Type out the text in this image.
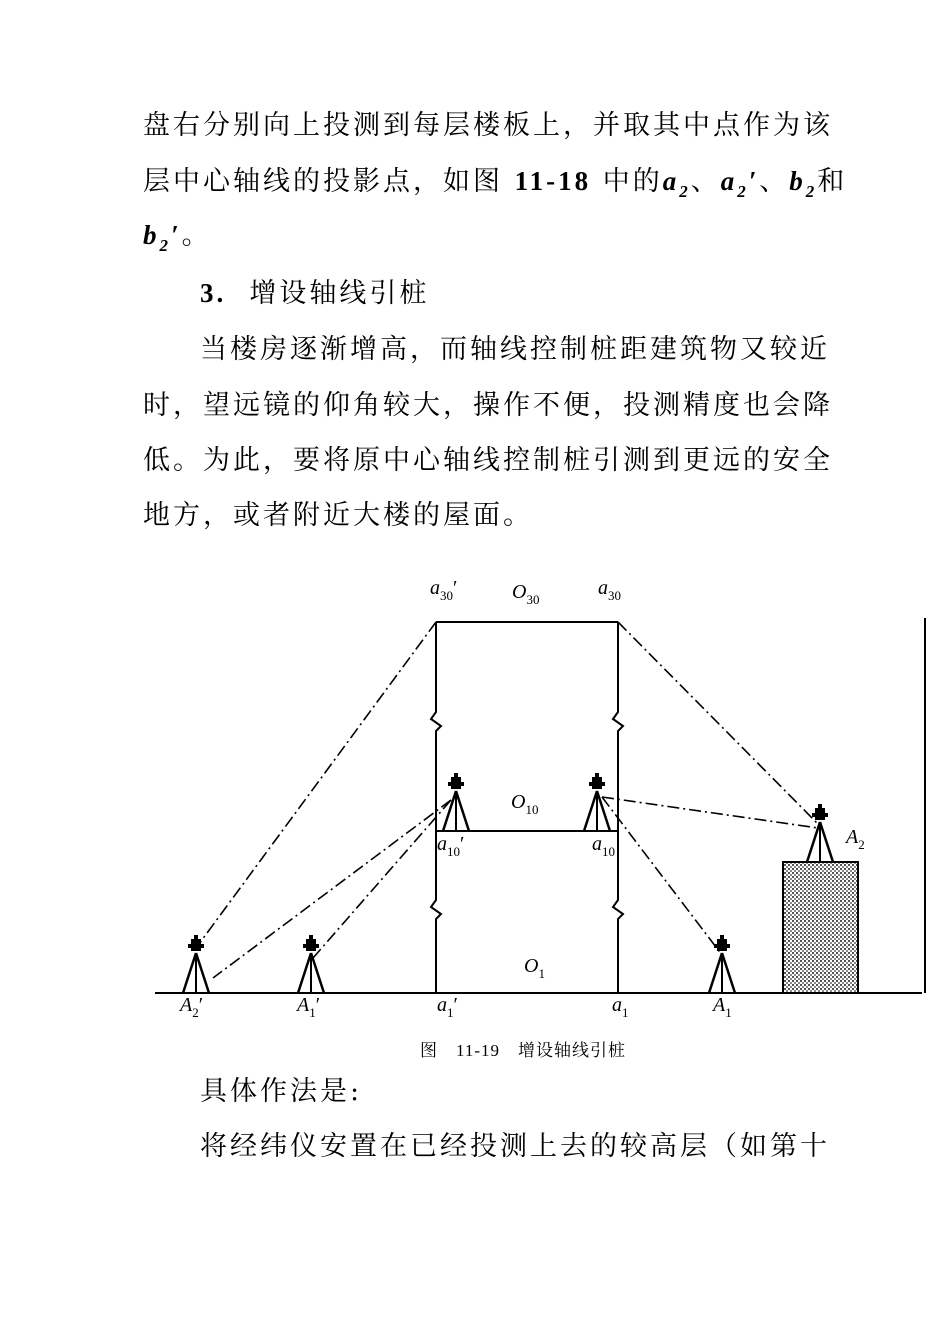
盘右分别向上投测到每层楼板上，并取其中点作为该
层中心轴线的投影点，如图 11-18 中的$a_2$、$a_2'$、$b_2$和
$b_2'$。
3. 增设轴线引桩
当楼房逐渐增高，而轴线控制桩距建筑物又较近
时，望远镜的仰角较大，操作不便，投测精度也会降
低。为此，要将原中心轴线控制桩引测到更远的安全
地方，或者附近大楼的屋面。
$a_{30}'$	$O_{30}$
$a_{30}$
$O_{10}$
$a_{10}'$	$a_{10}$
$A_2$
$O_1$
$A_2'$	$A_1'$	$a_1'$	$a_1$	$A_1$
图　11-19　增设轴线引桩
具体作法是:
将经纬仪安置在已经投测上去的较高层（如第十
